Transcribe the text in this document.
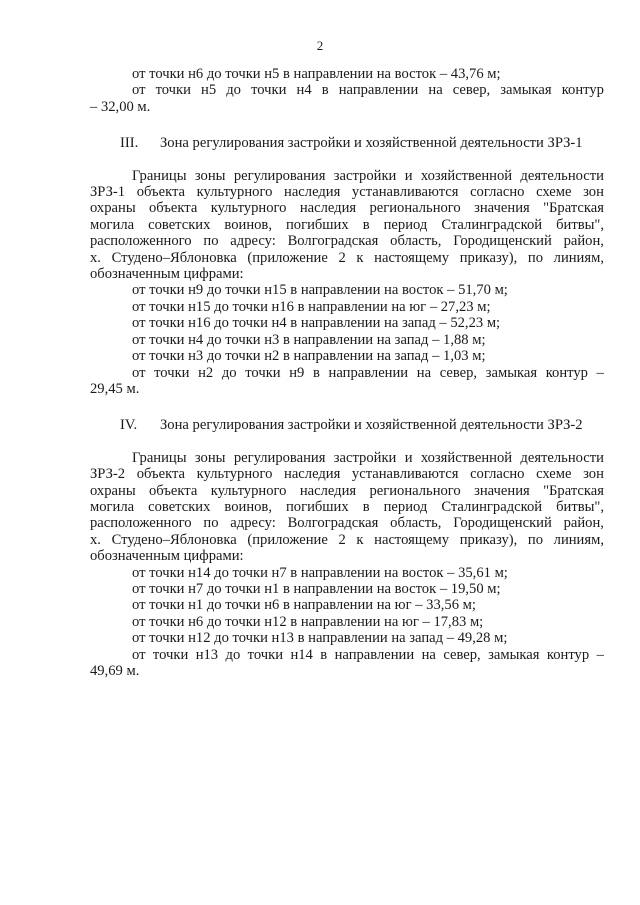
2
от точки н6 до точки н5 в направлении на восток – 43,76 м;
от точки н5 до точки н4 в направлении на север, замыкая контур
– 32,00 м.
III. Зона регулирования застройки и хозяйственной деятельности ЗРЗ-1
Границы зоны регулирования застройки и хозяйственной деятельности
ЗРЗ-1 объекта культурного наследия устанавливаются согласно схеме зон
охраны объекта культурного наследия регионального значения "Братская
могила советских воинов, погибших в период Сталинградской битвы",
расположенного по адресу: Волгоградская область, Городищенский район,
х. Студено–Яблоновка (приложение 2 к настоящему приказу), по линиям,
обозначенным цифрами:
от точки н9 до точки н15 в направлении на восток – 51,70 м;
от точки н15 до точки н16 в направлении на юг – 27,23 м;
от точки н16 до точки н4 в направлении на запад – 52,23 м;
от точки н4 до точки н3 в направлении на запад – 1,88 м;
от точки н3 до точки н2 в направлении на запад – 1,03 м;
от точки н2 до точки н9 в направлении на север, замыкая контур –
29,45 м.
IV. Зона регулирования застройки и хозяйственной деятельности ЗРЗ-2
Границы зоны регулирования застройки и хозяйственной деятельности
ЗРЗ-2 объекта культурного наследия устанавливаются согласно схеме зон
охраны объекта культурного наследия регионального значения "Братская
могила советских воинов, погибших в период Сталинградской битвы",
расположенного по адресу: Волгоградская область, Городищенский район,
х. Студено–Яблоновка (приложение 2 к настоящему приказу), по линиям,
обозначенным цифрами:
от точки н14 до точки н7 в направлении на восток – 35,61 м;
от точки н7 до точки н1 в направлении на восток – 19,50 м;
от точки н1 до точки н6 в направлении на юг – 33,56 м;
от точки н6 до точки н12 в направлении на юг – 17,83 м;
от точки н12 до точки н13 в направлении на запад – 49,28 м;
от точки н13 до точки н14 в направлении на север, замыкая контур –
49,69 м.
